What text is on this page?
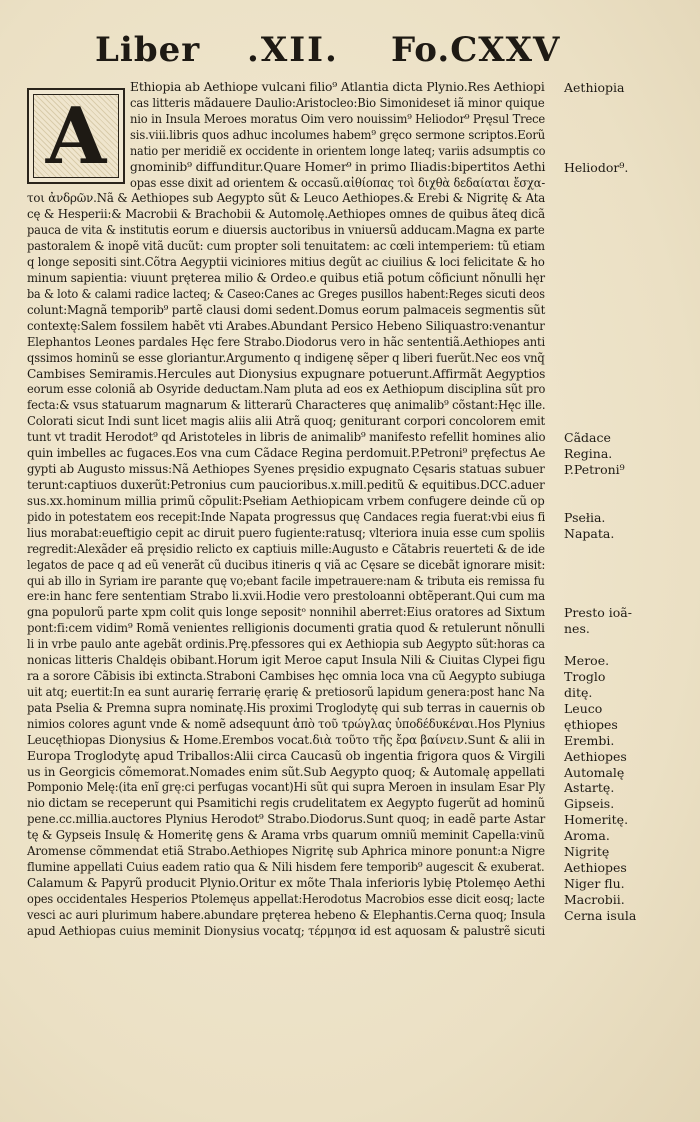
Liber .XII. Fo.CXXV
A
Ethiopia ab Aethiope vulcani filio⁹ Atlantia dicta Plynio.Res Aethiopi
cas litteris mãdauere Daulio:Aristocleo:Bio Simonideset iã minor quique
nio in Insula Meroes moratus Oim vero nouissim⁹ Heliodor⁹ Pręsul Trece
sis.viii.libris quos adhuc incolumes habem⁹ gręco sermone scriptos.Eorũ
natio per meridiẽ ex occidente in orientem longe lateq; variis adsumptis co
gnominib⁹ diffunditur.Quare Homer⁹ in primo Iliadis:bipertitos Aethi
opas esse dixit ad orientem & occasũ.αἰθίοπας τοὶ διχθὰ δεδαίαται ἔσχα-
τοι ἀνδρῶν.Nã & Aethiopes sub Aegypto sũt & Leuco Aethiopes.& Erebi & Nigritę & Ata
cę & Hesperii:& Macrobii & Brachobii & Automolę.Aethiopes omnes de quibus ãteq dicã
pauca de vita & institutis eorum e diuersis auctoribus in vniuersũ adducam.Magna ex parte
pastoralem & inopẽ vitã ducũt: cum propter soli tenuitatem: ac cœli intemperiem: tũ etiam
q longe sepositi sint.Cõtra Aegyptii viciniores mitius degũt ac ciuilius & loci felicitate & ho
minum sapientia: viuunt pręterea milio & Ordeo.e quibus etiã potum cõficiunt nõnulli hęr
ba & loto & calami radice lacteq; & Caseo:Canes ac Greges pusillos habent:Reges sicuti deos
colunt:Magnã temporib⁹ partẽ clausi domi sedent.Domus eorum palmaceis segmentis sũt
contextę:Salem fossilem habẽt vti Arabes.Abundant Persico Hebeno Siliquastro:venantur
Elephantos Leones pardales Hęc fere Strabo.Diodorus vero in hãc sententiã.Aethiopes anti
qssimos hominũ se esse gloriantur.Argumento q indigenę sẽper q liberi fuerũt.Nec eos vnq̃
Cambises Semiramis.Hercules aut Dionysius expugnare potuerunt.Affirmãt Aegyptios
eorum esse coloniã ab Osyride deductam.Nam pluta ad eos ex Aethiopum disciplina sũt pro
fecta:& vsus statuarum magnarum & litterarũ Characteres quę animalib⁹ cõstant:Hęc ille.
Colorati sicut Indi sunt licet magis aliis alii Atrã quoq; geniturant corpori concolorem emit
tunt vt tradit Herodot⁹ qd Aristoteles in libris de animalib⁹ manifesto refellit homines alio
quin imbelles ac fugaces.Eos vna cum Cãdace Regina perdomuit.P.Petroni⁹ pręfectus Ae
gypti ab Augusto missus:Nã Aethiopes Syenes pręsidio expugnato Cęsaris statuas subuer
terunt:captiuos duxerũt:Petronius cum paucioribus.x.mill.peditũ & equitibus.DCC.aduer
sus.xx.hominum millia primũ cõpulit:Psełiam Aethiopicam vrbem confugere deinde cũ op
pido in potestatem eos recepit:Inde Napata progressus quę Candaces regia fuerat:vbi eius fi
lius morabat:eueftigio cepit ac diruit puero fugiente:ratusq; vlteriora inuia esse cum spoliis
regredit:Alexãder eã pręsidio relicto ex captiuis mille:Augusto e Cãtabris reuerteti & de ide
legatos de pace q ad eũ venerãt cũ ducibus itineris q viã ac Cęsare se dicebãt ignorare misit:
qui ab illo in Syriam ire parante quę vo;ebant facile impetrauere:nam & tributa eis remissa fu
ere:in hanc fere sententiam Strabo li.xvii.Hodie vero prestoloanni obtẽperant.Qui cum ma
gna populorũ parte xpm colit quis longe sepositᵒ nonnihil aberret:Eius oratores ad Sixtum
pont:fi:cem vidim⁹ Romã venientes relligionis documenti gratia quod & retulerunt nõnulli
li in vrbe paulo ante agebãt ordinis.Prę.pfessores qui ex Aethiopia sub Aegypto sũt:horas ca
nonicas litteris Chaldęis obibant.Horum igit Meroe caput Insula Nili & Ciuitas Clypei figu
ra a sorore Cãbisis ibi extincta.Straboni Cambises hęc omnia loca vna cũ Aegypto subiuga
uit atq; euertit:In ea sunt aurarię ferrarię ęrarię & pretiosorũ lapidum genera:post hanc Na
pata Pselia & Premna supra nominatę.His proximi Troglodytę qui sub terras in cauernis ob
nimios colores agunt vnde & nomẽ adsequunt ἀπὸ τοῦ τρώγλας ὑποδέδυκέναι.Hos Plynius
Leucęthiopas Dionysius & Home.Erembos vocat.διὰ τοῦτο τῆς ἔρα βαίνειν.Sunt & alii in
Europa Troglodytę apud Triballos:Alii circa Caucasũ ob ingentia frigora quos & Virgili
us in Georgicis cõmemorat.Nomades enim sũt.Sub Aegypto quoq; & Automalę appellati
Pomponio Melę:(ita enĩ grę:ci perfugas vocant)Hi sũt qui supra Meroen in insulam Esar Ply
nio dictam se receperunt qui Psamitichi regis crudelitatem ex Aegypto fugerũt ad hominũ
pene.cc.millia.auctores Plynius Herodot⁹ Strabo.Diodorus.Sunt quoq; in eadẽ parte Astar
tę & Gypseis Insulę & Homeritę gens & Arama vrbs quarum omniũ meminit Capella:vinũ
Aromense cõmmendat etiã Strabo.Aethiopes Nigritę sub Aphrica minore ponunt:a Nigre
flumine appellati Cuius eadem ratio qua & Nili hisdem fere temporib⁹ augescit & exuberat.
Calamum & Papyrũ producit Plynio.Oritur ex mõte Thala inferioris lybię Ptolemęo Aethi
opes occidentales Hesperios Ptolemęus appellat:Herodotus Macrobios esse dicit eosq; lacte
vesci ac auri plurimum habere.abundare pręterea hebeno & Elephantis.Cerna quoq; Insula
apud Aethiopas cuius meminit Dionysius vocatq; τέρμησα id est aquosam & palustrẽ sicuti
Aethiopia
Heliodor⁹.
Cãdace
Regina.
P.Petroni⁹
Psełia.
Napata.
Presto ioã-
nes.
Meroe.
Troglo
ditę.
Leuco
ęthiopes
Erembi.
Aethiopes
Automalę
Astartę.
Gipseis.
Homeritę.
Aroma.
Nigritę
Aethiopes
Niger flu.
Macrobii.
Cerna isula
